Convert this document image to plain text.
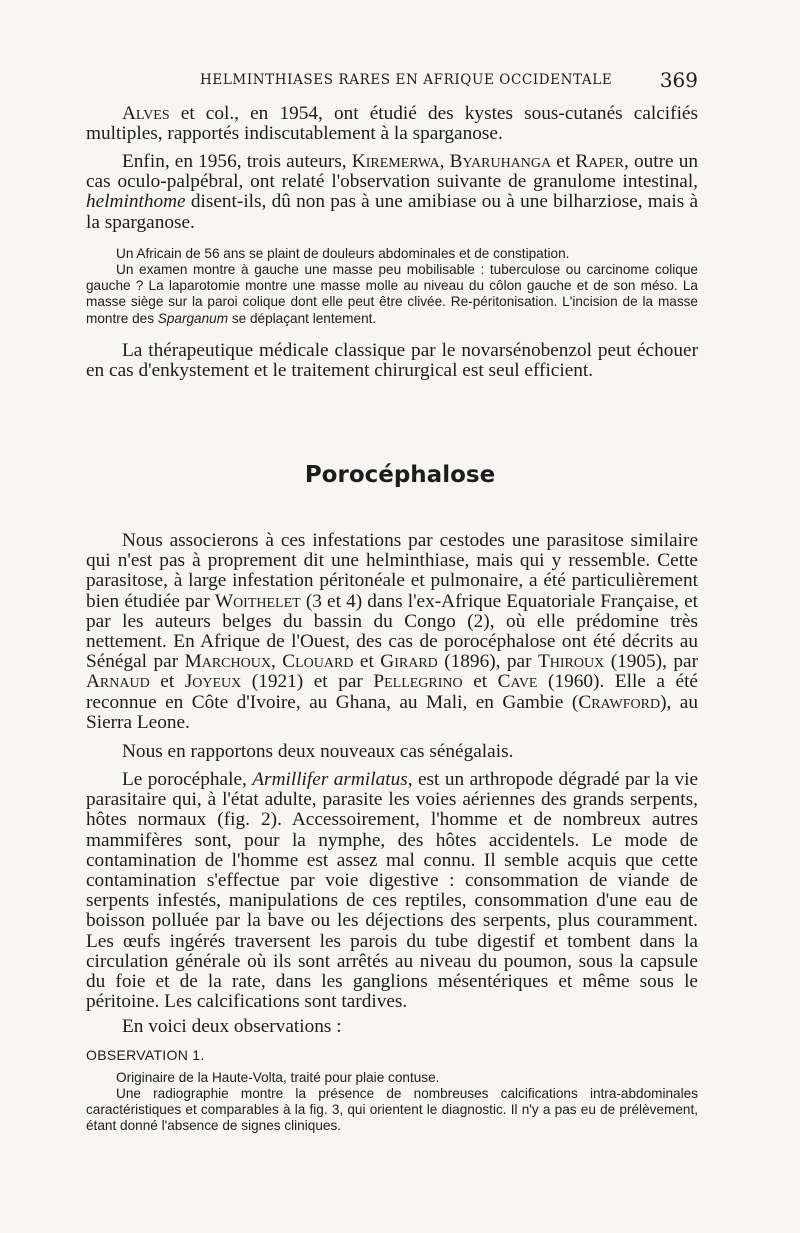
HELMINTHIASES RARES EN AFRIQUE OCCIDENTALE 369

Alves et col., en 1954, ont étudié des kystes sous-cutanés calcifiés multiples, rapportés indiscutablement à la sparganose.

Enfin, en 1956, trois auteurs, Kiremerwa, Byaruhanga et Raper, outre un cas oculo-palpébral, ont relaté l'observation suivante de granulome intestinal, helminthome disent-ils, dû non pas à une amibiase ou à une bilharziose, mais à la sparganose.

Un Africain de 56 ans se plaint de douleurs abdominales et de constipation.

Un examen montre à gauche une masse peu mobilisable : tuberculose ou carcinome colique gauche ? La laparotomie montre une masse molle au niveau du côlon gauche et de son méso. La masse siège sur la paroi colique dont elle peut être clivée. Re-péritonisation. L'incision de la masse montre des Sparganum se déplaçant lentement.

La thérapeutique médicale classique par le novarsénobenzol peut échouer en cas d'enkystement et le traitement chirurgical est seul efficient.

Porocéphalose

Nous associerons à ces infestations par cestodes une parasitose similaire qui n'est pas à proprement dit une helminthiase, mais qui y ressemble. Cette parasitose, à large infestation péritonéale et pulmonaire, a été particulièrement bien étudiée par Woithelet (3 et 4) dans l'ex-Afrique Equatoriale Française, et par les auteurs belges du bassin du Congo (2), où elle prédomine très nettement. En Afrique de l'Ouest, des cas de porocéphalose ont été décrits au Sénégal par Marchoux, Clouard et Girard (1896), par Thiroux (1905), par Arnaud et Joyeux (1921) et par Pellegrino et Cave (1960). Elle a été reconnue en Côte d'Ivoire, au Ghana, au Mali, en Gambie (Crawford), au Sierra Leone.

Nous en rapportons deux nouveaux cas sénégalais.

Le porocéphale, Armillifer armilatus, est un arthropode dégradé par la vie parasitaire qui, à l'état adulte, parasite les voies aériennes des grands serpents, hôtes normaux (fig. 2). Accessoirement, l'homme et de nombreux autres mammifères sont, pour la nymphe, des hôtes accidentels. Le mode de contamination de l'homme est assez mal connu. Il semble acquis que cette contamination s'effectue par voie digestive : consommation de viande de serpents infestés, manipulations de ces reptiles, consommation d'une eau de boisson polluée par la bave ou les déjections des serpents, plus couramment. Les œufs ingérés traversent les parois du tube digestif et tombent dans la circulation générale où ils sont arrêtés au niveau du poumon, sous la capsule du foie et de la rate, dans les ganglions mésentériques et même sous le péritoine. Les calcifications sont tardives.

En voici deux observations :

OBSERVATION 1.

Originaire de la Haute-Volta, traité pour plaie contuse.

Une radiographie montre la présence de nombreuses calcifications intra-abdominales caractéristiques et comparables à la fig. 3, qui orientent le diagnostic. Il n'y a pas eu de prélèvement, étant donné l'absence de signes cliniques.
